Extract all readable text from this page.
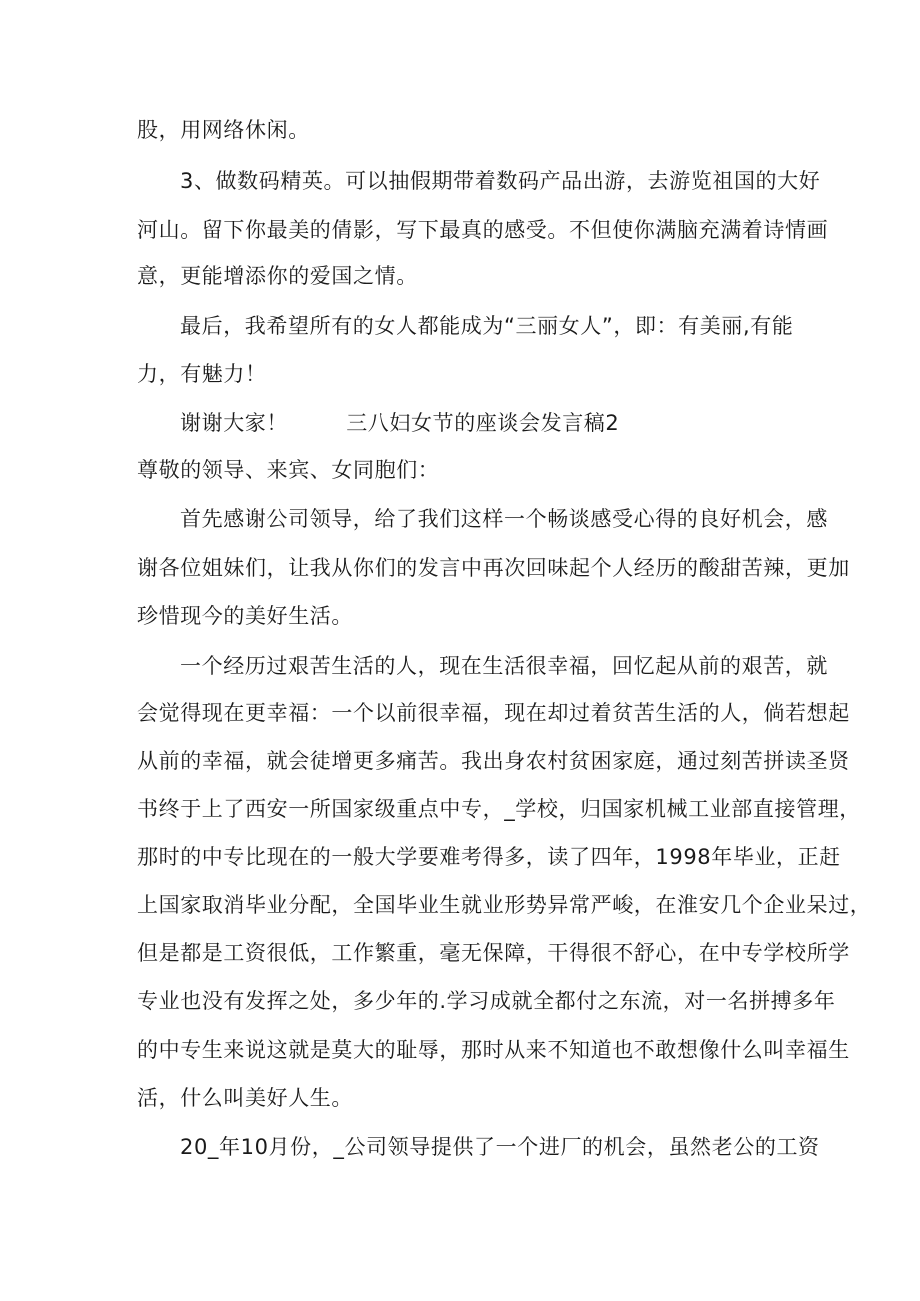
股，用网络休闲。
3、做数码精英。可以抽假期带着数码产品出游，去游览祖国的大好
河山。留下你最美的倩影，写下最真的感受。不但使你满脑充满着诗情画
意，更能增添你的爱国之情。
最后，我希望所有的女人都能成为“三丽女人”，即：有美丽,有能
力，有魅力！
谢谢大家！        三八妇女节的座谈会发言稿2
尊敬的领导、来宾、女同胞们：
首先感谢公司领导，给了我们这样一个畅谈感受心得的良好机会，感
谢各位姐妹们，让我从你们的发言中再次回味起个人经历的酸甜苦辣，更加
珍惜现今的美好生活。
一个经历过艰苦生活的人，现在生活很幸福，回忆起从前的艰苦，就
会觉得现在更幸福：一个以前很幸福，现在却过着贫苦生活的人，倘若想起
从前的幸福，就会徒增更多痛苦。我出身农村贫困家庭，通过刻苦拼读圣贤
书终于上了西安一所国家级重点中专，_学校，归国家机械工业部直接管理，
那时的中专比现在的一般大学要难考得多，读了四年，1998年毕业，正赶
上国家取消毕业分配，全国毕业生就业形势异常严峻，在淮安几个企业呆过，
但是都是工资很低，工作繁重，毫无保障，干得很不舒心，在中专学校所学
专业也没有发挥之处，多少年的.学习成就全都付之东流，对一名拼搏多年
的中专生来说这就是莫大的耻辱，那时从来不知道也不敢想像什么叫幸福生
活，什么叫美好人生。
20_年10月份，_公司领导提供了一个进厂的机会，虽然老公的工资
